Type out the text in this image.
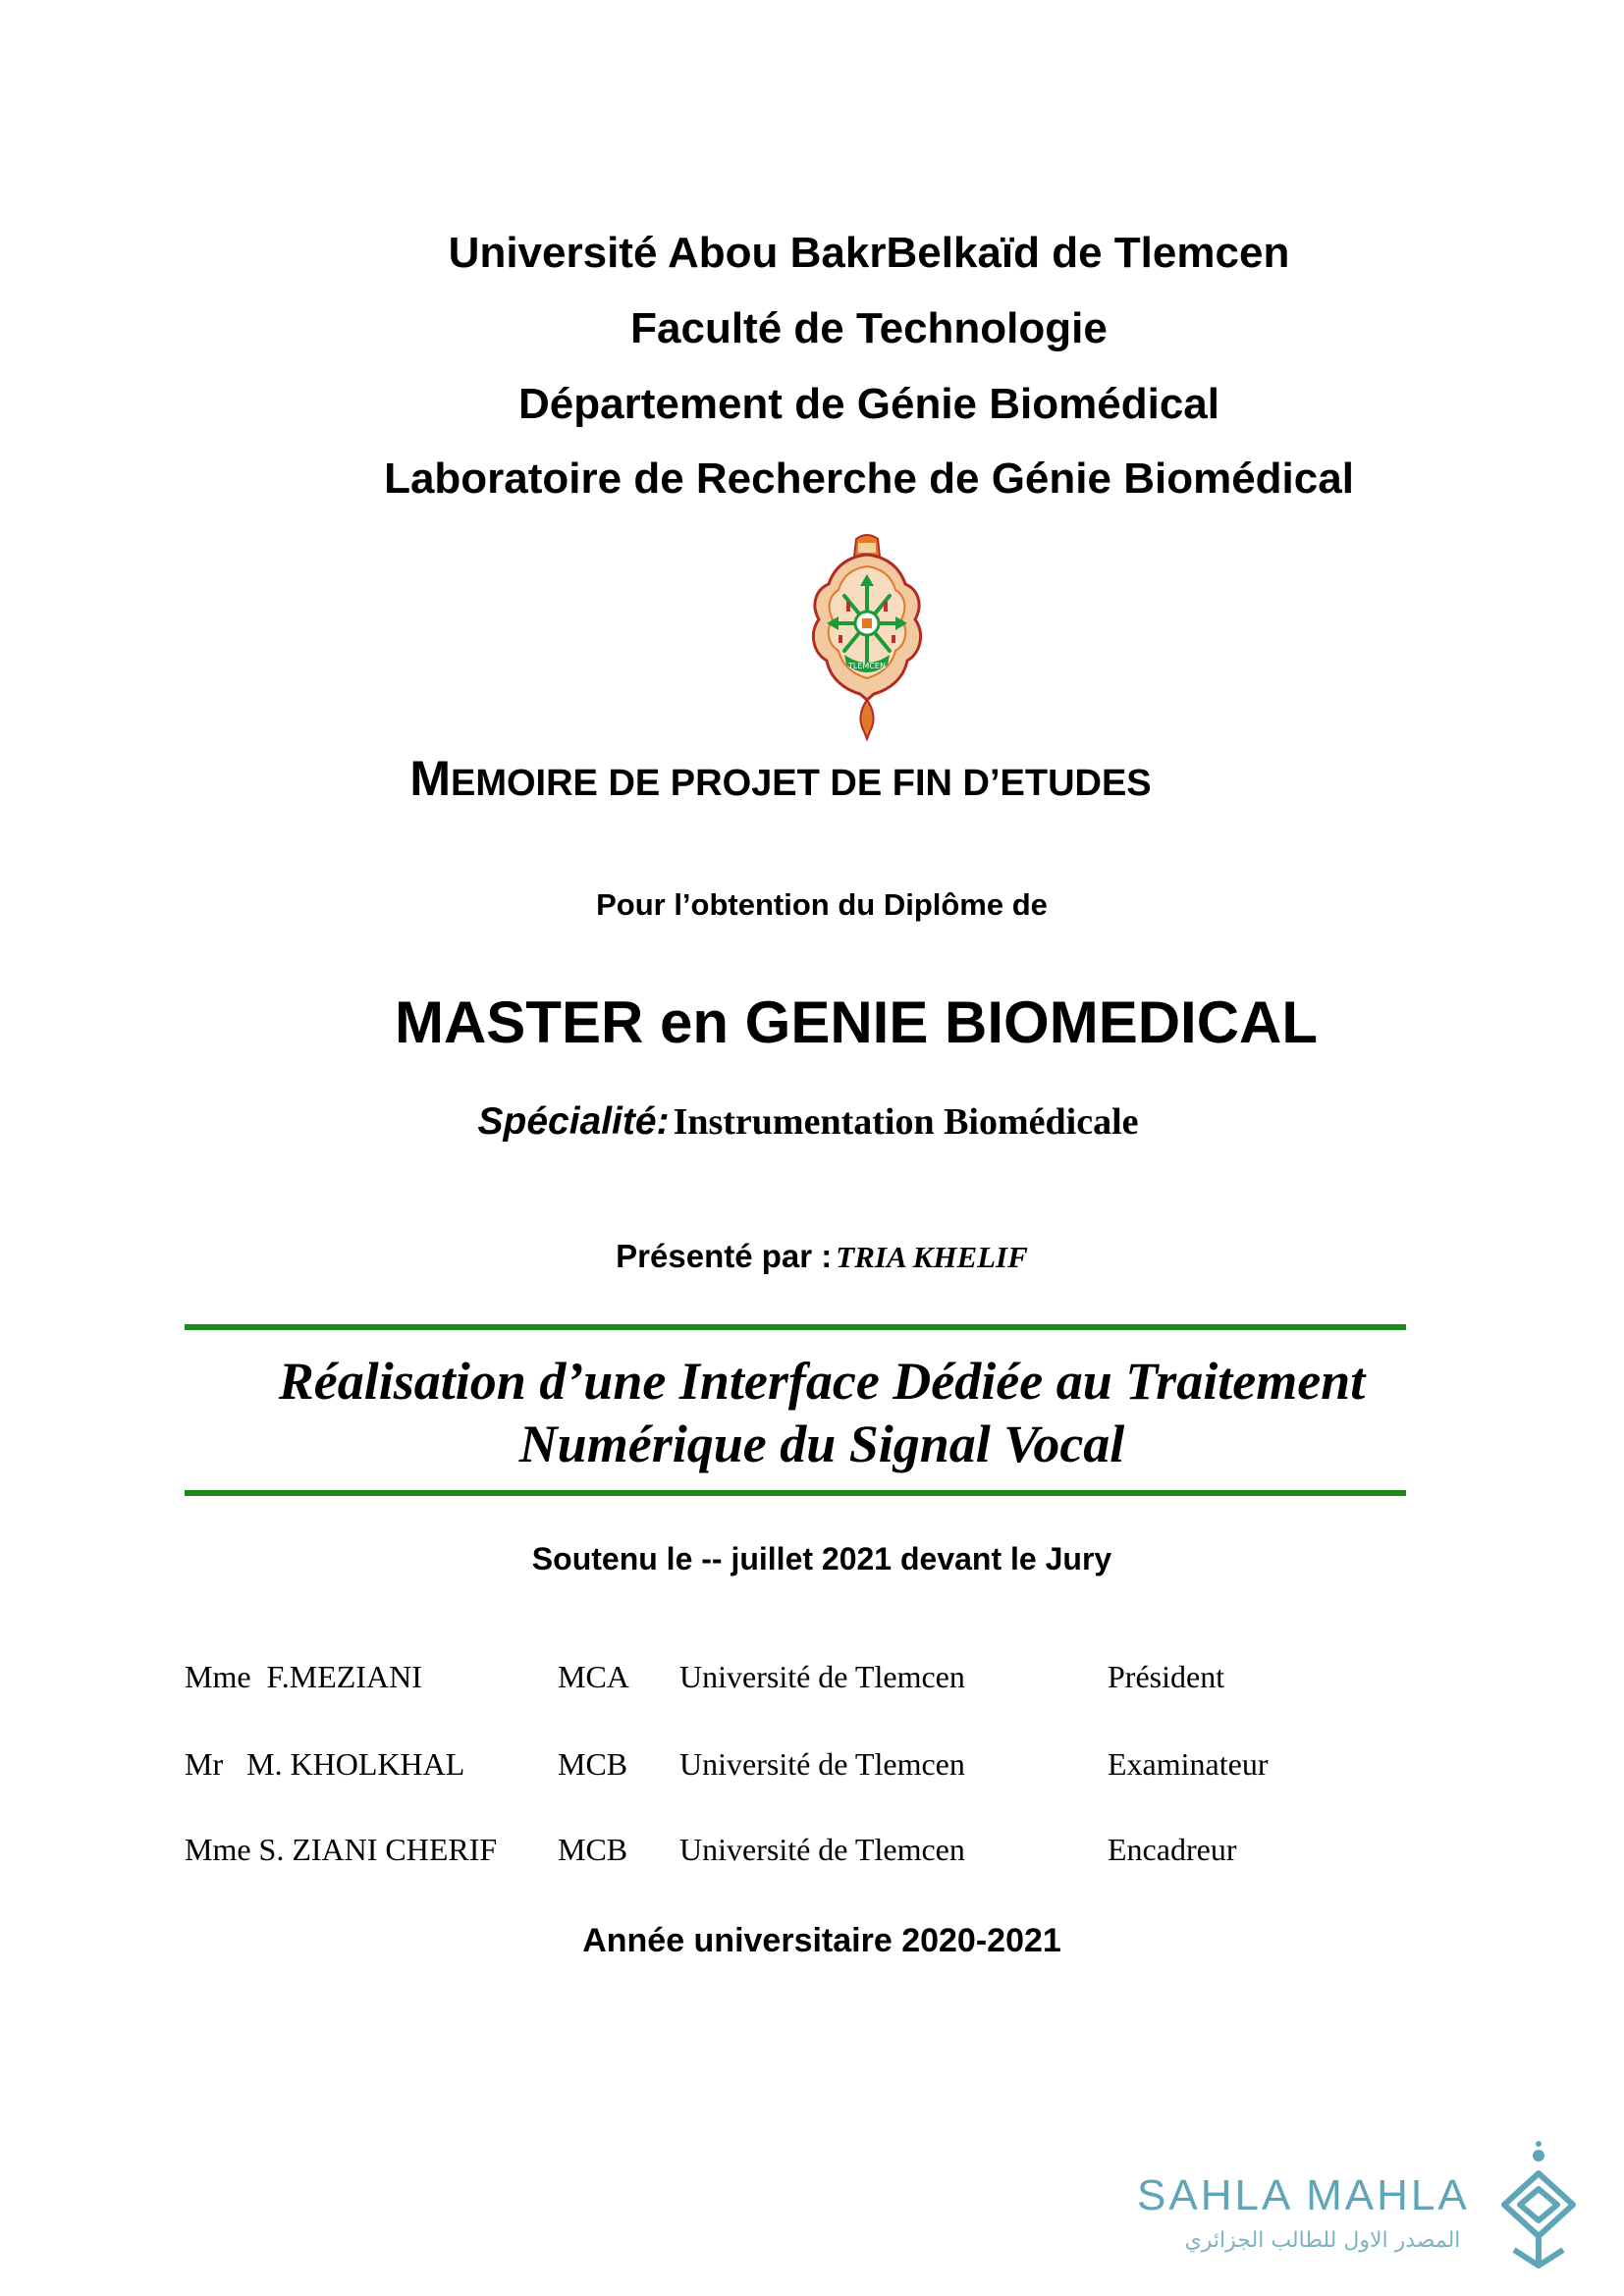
Université Abou BakrBelkaïd de Tlemcen
Faculté de Technologie
Département de Génie Biomédical
Laboratoire de Recherche de Génie Biomédical
TLEMCEN
MEMOIRE DE PROJET DE FIN D’ETUDES
Pour l’obtention du Diplôme de
MASTER en GENIE BIOMEDICAL
Spécialité: Instrumentation Biomédicale
Présenté par : TRIA KHELIF
Réalisation d’une Interface Dédiée au Traitement
Numérique du Signal Vocal
Soutenu le -- juillet 2021 devant le Jury
Mme  F.MEZIANI	MCA Université de Tlemcen	Président
Mr   M. KHOLKHAL	MCB Université de Tlemcen	Examinateur
Mme S. ZIANI CHERIF MCB Université de Tlemcen	Encadreur
Année universitaire 2020-2021
SAHLA MAHLA
المصدر الاول للطالب الجزائري
